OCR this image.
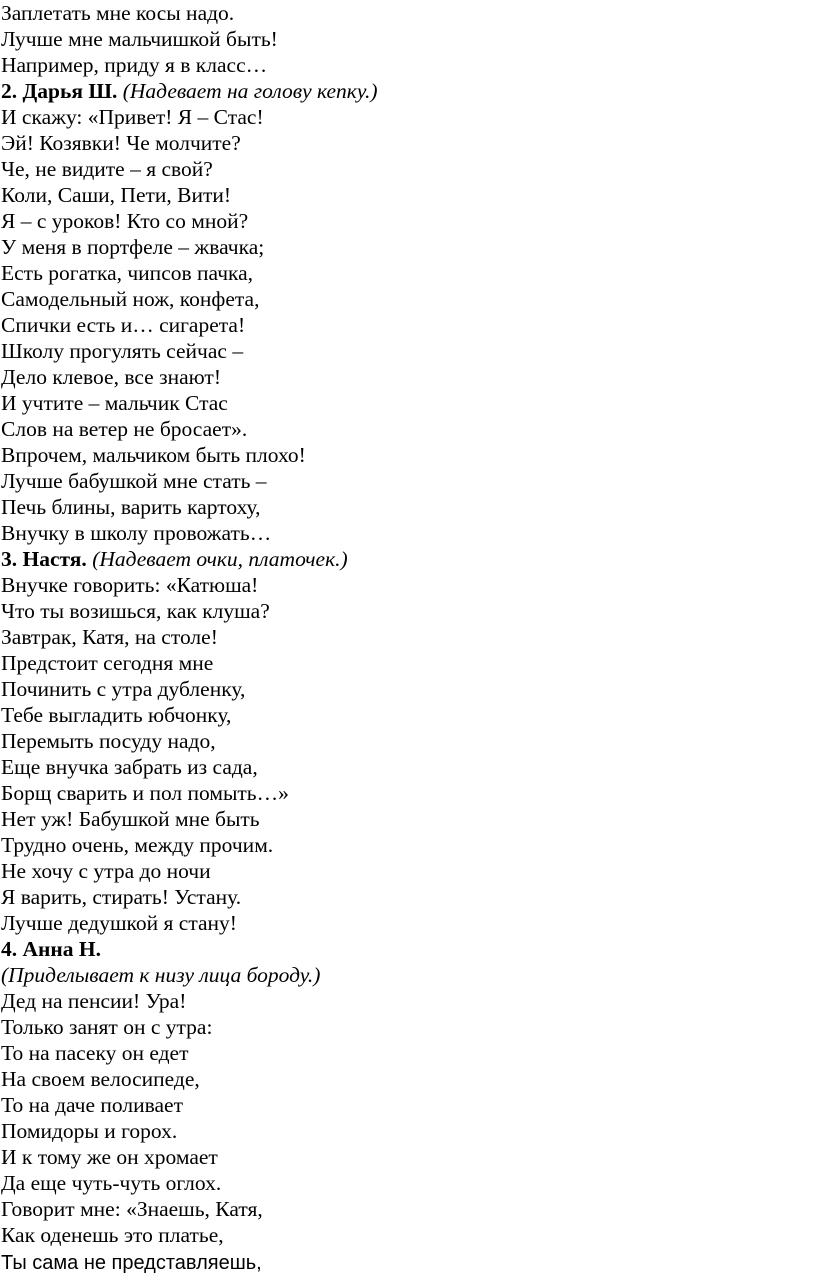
Заплетать мне косы надо.
Лучше мне мальчишкой быть!
Например, приду я в класс…
2. Дарья Ш. (Надевает на голову кепку.)
И скажу: «Привет! Я – Стас!
Эй! Козявки! Че молчите?
Че, не видите – я свой?
Коли, Саши, Пети, Вити!
Я – с уроков! Кто со мной?
У меня в портфеле – жвачка;
Есть рогатка, чипсов пачка,
Самодельный нож, конфета,
Спички есть и… сигарета!
Школу прогулять сейчас –
Дело клевое, все знают!
И учтите – мальчик Стас
Слов на ветер не бросает».
Впрочем, мальчиком быть плохо!
Лучше бабушкой мне стать –
Печь блины, варить картоху,
Внучку в школу провожать…
3. Настя. (Надевает очки, платочек.)
Внучке говорить: «Катюша!
Что ты возишься, как клуша?
Завтрак, Катя, на столе!
Предстоит сегодня мне
Починить с утра дубленку,
Тебе выгладить юбчонку,
Перемыть посуду надо,
Еще внучка забрать из сада,
Борщ сварить и пол помыть…»
Нет уж! Бабушкой мне быть
Трудно очень, между прочим.
Не хочу с утра до ночи
Я варить, стирать! Устану.
Лучше дедушкой я стану!
4. Анна Н.
(Приделывает к низу лица бороду.)
Дед на пенсии! Ура!
Только занят он с утра:
То на пасеку он едет
На своем велосипеде,
То на даче поливает
Помидоры и горох.
И к тому же он хромает
Да еще чуть-чуть оглох.
Говорит мне: «Знаешь, Катя,
Как оденешь это платье,
Ты сама не представляешь,
